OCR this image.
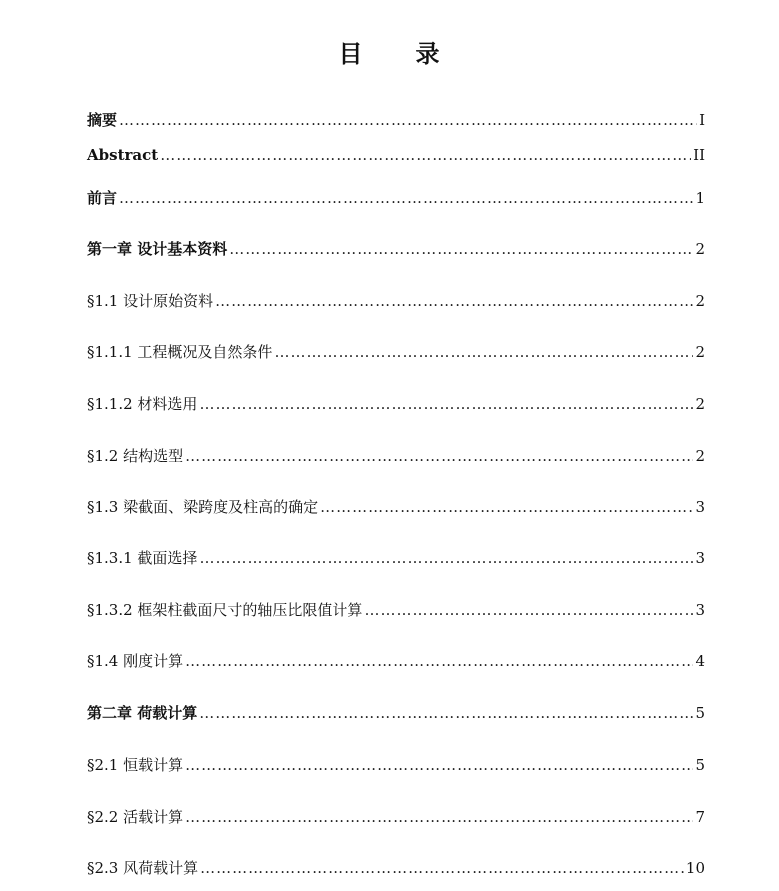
目 录
摘要 …………………………………………………………………………………………………………………………………………………………………………………………	I
Abstract …………………………………………………………………………………………………………………………………………………………………………………………	II
前言 …………………………………………………………………………………………………………………………………………………………………………………………	1
第一章 设计基本资料 …………………………………………………………………………………………………………………………………………………………………………………………	2
§1.1 设计原始资料 …………………………………………………………………………………………………………………………………………………………………………………………	2
§1.1.1 工程概况及自然条件 …………………………………………………………………………………………………………………………………………………………………………………………	2
§1.1.2 材料选用 …………………………………………………………………………………………………………………………………………………………………………………………	2
§1.2 结构选型 …………………………………………………………………………………………………………………………………………………………………………………………	2
§1.3 梁截面、梁跨度及柱高的确定 …………………………………………………………………………………………………………………………………………………………………………………………	3
§1.3.1 截面选择 …………………………………………………………………………………………………………………………………………………………………………………………	3
§1.3.2 框架柱截面尺寸的轴压比限值计算 …………………………………………………………………………………………………………………………………………………………………………………………	3
§1.4 刚度计算 …………………………………………………………………………………………………………………………………………………………………………………………	4
第二章 荷载计算 …………………………………………………………………………………………………………………………………………………………………………………………	5
§2.1 恒载计算 …………………………………………………………………………………………………………………………………………………………………………………………	5
§2.2 活载计算 …………………………………………………………………………………………………………………………………………………………………………………………	7
§2.3 风荷载计算 …………………………………………………………………………………………………………………………………………………………………………………………	10
